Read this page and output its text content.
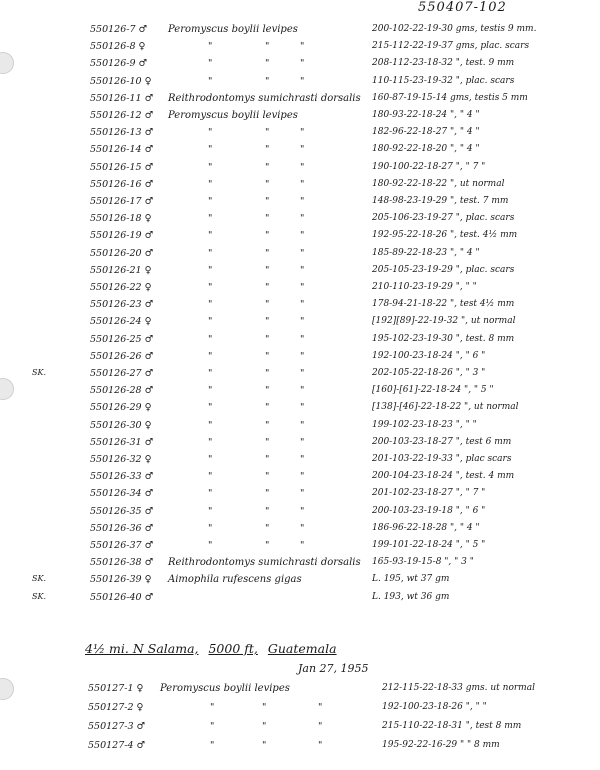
550407-102
550126-7 ♂ Peromyscus boylii levipes	200-102-22-19-30 gms, testis 9 mm.
550126-8 ♀	"	"	"	215-112-22-19-37 gms, plac. scars
550126-9 ♂	"	"	"	208-112-23-18-32 ", test. 9 mm
550126-10 ♀	"	"	"	110-115-23-19-32 ", plac. scars
550126-11 ♂ Reithrodontomys sumichrasti dorsalis 160-87-19-15-14 gms, testis 5 mm
550126-12 ♂ Peromyscus boylii levipes	180-93-22-18-24 ", " 4 "
550126-13 ♂	"	"	"	182-96-22-18-27 ", " 4 "
550126-14 ♂	"	"	"	180-92-22-18-20 ", " 4 "
550126-15 ♂	"	"	"	190-100-22-18-27 ", " 7 "
550126-16 ♂	"	"	"	180-92-22-18-22 ", ut normal
550126-17 ♂	"	"	"	148-98-23-19-29 ", test. 7 mm
550126-18 ♀	"	"	"	205-106-23-19-27 ", plac. scars
550126-19 ♂	"	"	"	192-95-22-18-26 ", test. 4½ mm
550126-20 ♂	"	"	"	185-89-22-18-23 ", " 4 "
550126-21 ♀	"	"	"	205-105-23-19-29 ", plac. scars
550126-22 ♀	"	"	"	210-110-23-19-29 ", " "
550126-23 ♂	"	"	"	178-94-21-18-22 ", test 4½ mm
550126-24 ♀	"	"	"	[192][89]-22-19-32 ", ut normal
550126-25 ♂	"	"	"	195-102-23-19-30 ", test. 8 mm
550126-26 ♂	"	"	"	192-100-23-18-24 ", " 6 "
SK.	550126-27 ♂	"	"	"	202-105-22-18-26 ", " 3 "
550126-28 ♂	"	"	"	[160]-[61]-22-18-24 ", " 5 "
550126-29 ♀	"	"	"	[138]-[46]-22-18-22 ", ut normal
550126-30 ♀	"	"	"	199-102-23-18-23 ", " "
550126-31 ♂	"	"	"	200-103-23-18-27 ", test 6 mm
550126-32 ♀	"	"	"	201-103-22-19-33 ", plac scars
550126-33 ♂	"	"	"	200-104-23-18-24 ", test. 4 mm
550126-34 ♂	"	"	"	201-102-23-18-27 ", " 7 "
550126-35 ♂	"	"	"	200-103-23-19-18 ", " 6 "
550126-36 ♂	"	"	"	186-96-22-18-28 ", " 4 "
550126-37 ♂	"	"	"	199-101-22-18-24 ", " 5 "
550126-38 ♂ Reithrodontomys sumichrasti dorsalis 165-93-19-15-8 ", " 3 "
SK.	550126-39 ♀ Aimophila rufescens gigas	L. 195, wt 37 gm
SK.	550126-40 ♂	L. 193, wt 36 gm
4½ mi. N Salama, 5000 ft, Guatemala
Jan 27, 1955
550127-1 ♀ Peromyscus boylii levipes	212-115-22-18-33 gms. ut normal
550127-2 ♀	"	"	"	192-100-23-18-26 ", " "
550127-3 ♂	"	"	"	215-110-22-18-31 ", test 8 mm
550127-4 ♂	"	"	"	195-92-22-16-29 " " 8 mm
